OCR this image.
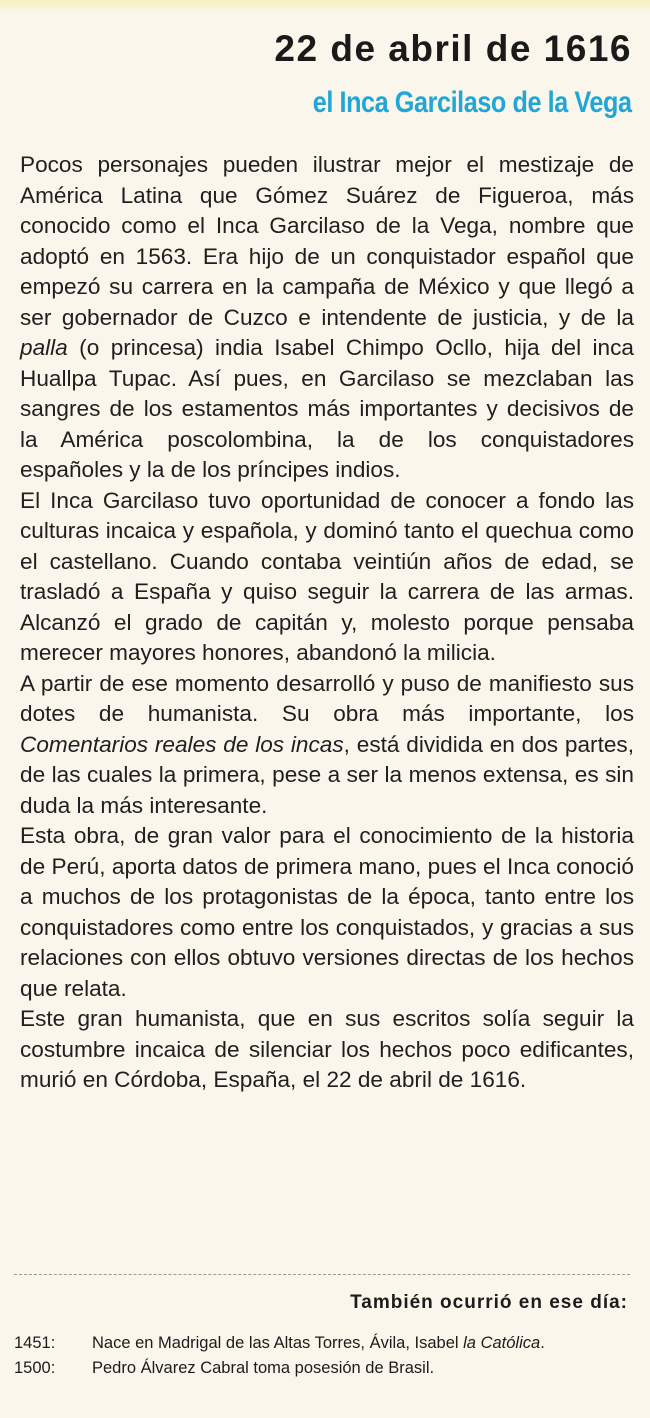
22 de abril de 1616
el Inca Garcilaso de la Vega

Pocos personajes pueden ilustrar mejor el mestizaje de América Latina que Gómez Suárez de Figueroa, más conocido como el Inca Garcilaso de la Vega, nombre que adoptó en 1563. Era hijo de un conquistador español que empezó su carrera en la campaña de México y que llegó a ser gobernador de Cuzco e intendente de justicia, y de la palla (o princesa) india Isabel Chimpo Ocllo, hija del inca Huallpa Tupac. Así pues, en Garcilaso se mezclaban las sangres de los estamentos más importantes y decisivos de la América poscolombina, la de los conquistadores españoles y la de los príncipes indios.

El Inca Garcilaso tuvo oportunidad de conocer a fondo las culturas incaica y española, y dominó tanto el quechua como el castellano. Cuando contaba veintiún años de edad, se trasladó a España y quiso seguir la carrera de las armas. Alcanzó el grado de capitán y, molesto porque pensaba merecer mayores honores, abandonó la milicia.

A partir de ese momento desarrolló y puso de manifiesto sus dotes de humanista. Su obra más importante, los Comentarios reales de los incas, está dividida en dos partes, de las cuales la primera, pese a ser la menos extensa, es sin duda la más interesante.

Esta obra, de gran valor para el conocimiento de la historia de Perú, aporta datos de primera mano, pues el Inca conoció a muchos de los protagonistas de la época, tanto entre los conquistadores como entre los conquistados, y gracias a sus relaciones con ellos obtuvo versiones directas de los hechos que relata.

Este gran humanista, que en sus escritos solía seguir la costumbre incaica de silenciar los hechos poco edificantes, murió en Córdoba, España, el 22 de abril de 1616.

También ocurrió en ese día:
1451:	Nace en Madrigal de las Altas Torres, Ávila, Isabel la Católica.
1500:	Pedro Álvarez Cabral toma posesión de Brasil.
